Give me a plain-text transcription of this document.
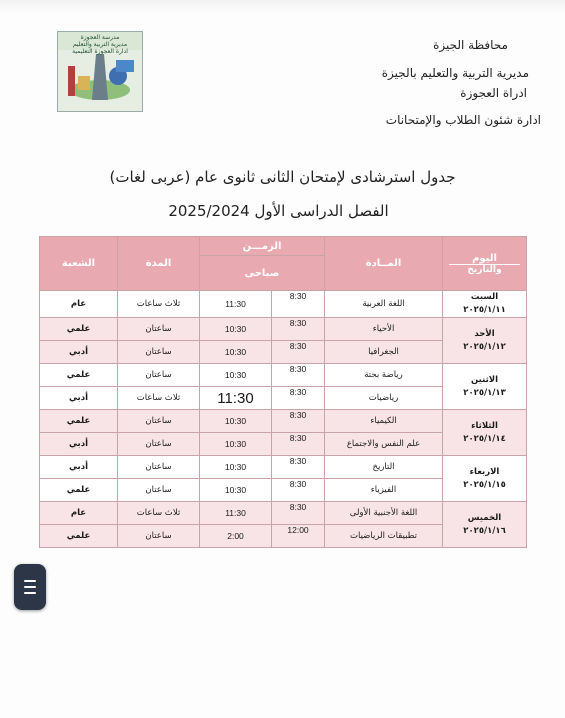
مدرسة العجوزة
مديرية التربية والتعليم
ادارة العجوزة التعليمية	محافظة الجيزة
مديرية التربية والتعليم بالجيزة
ادراة العجوزة
ادارة شئون الطلاب والإمتحانات
جدول استرشادى لإمتحان الثانى ثانوى عام (عربى لغات)
الفصل الدراسى الأول 2025/2024
اليوم
والتاريخ	المــادة	الزمـــن		المدة	الشعبة
		صباحى			

السبت
٢٠٢٥/١/١١	اللغة العربية	8:30	11:30	ثلاث ساعات	عام

الأحد
٢٠٢٥/١/١٢	الأحياء	8:30	10:30	ساعتان	علمي
	الجغرافيا	8:30	10:30	ساعتان	أدبي

الاثنين
٢٠٢٥/١/١٣	رياضة بحتة	8:30	10:30	ساعتان	علمي
	رياضيات	8:30	11:30	ثلاث ساعات	أدبي

الثلاثاء
٢٠٢٥/١/١٤	الكيمياء	8:30	10:30	ساعتان	علمي
	علم النفس والاجتماع	8:30	10:30	ساعتان	أدبي

الاربعاء
٢٠٢٥/١/١٥	التاريخ	8:30	10:30	ساعتان	أدبي
	الفيزياء	8:30	10:30	ساعتان	علمي

الخميس
٢٠٢٥/١/١٦	اللغة الأجنبية الأولى	8:30	11:30	ثلاث ساعات	عام
	تطبيقات الرياضيات	12:00	2:00	ساعتان	علمي
